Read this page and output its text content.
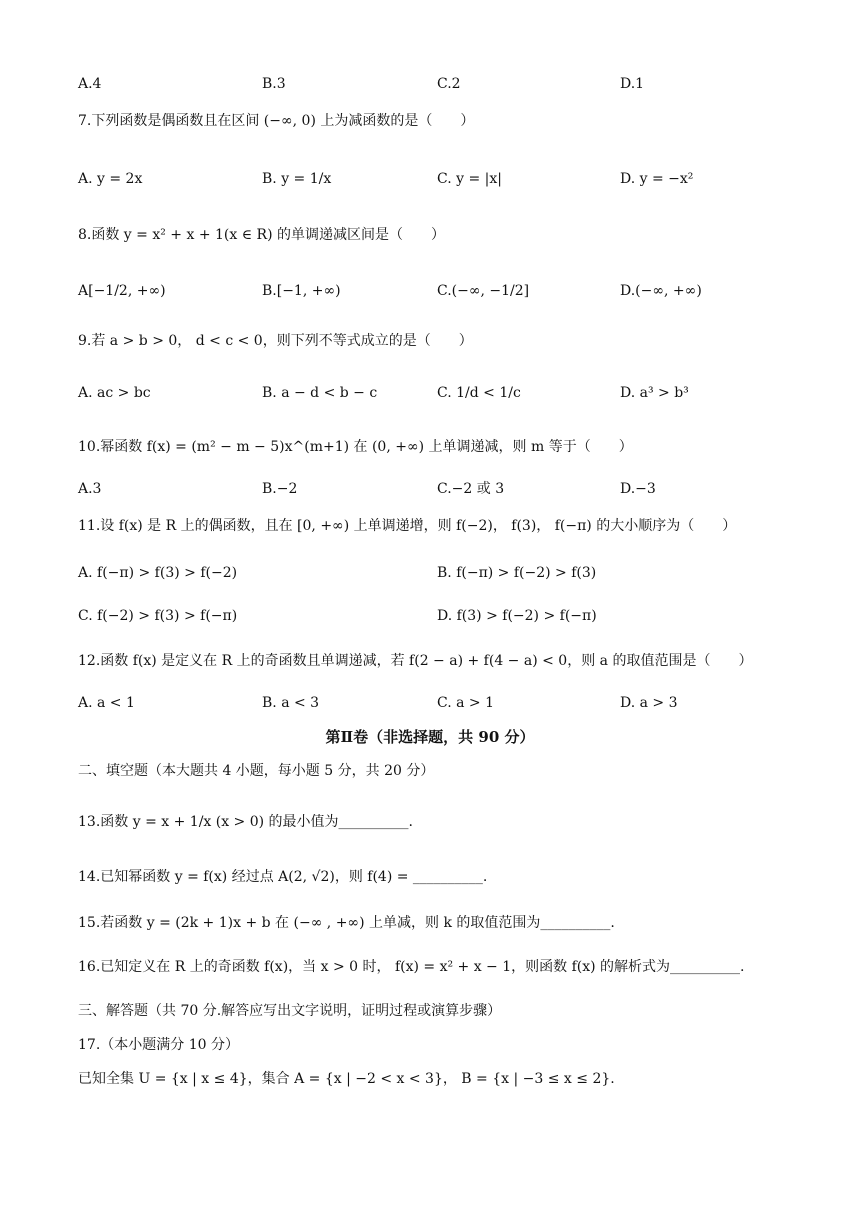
A.4	B.3	C.2	D.1
7.下列函数是偶函数且在区间 (−∞, 0) 上为减函数的是（　　）
A. y = 2x	B. y = 1/x	C. y = |x|	D. y = −x²
8.函数 y = x² + x + 1(x ∈ R) 的单调递减区间是（　　）
A[−1/2, +∞)	B.[−1, +∞)	C.(−∞, −1/2]	D.(−∞, +∞)
9.若 a > b > 0， d < c < 0，则下列不等式成立的是（　　）
A. ac > bc	B. a − d < b − c	C. 1/d < 1/c	D. a³ > b³
10.幂函数 f(x) = (m² − m − 5)x^(m+1) 在 (0, +∞) 上单调递减，则 m 等于（　　）
A.3	B.−2	C.−2 或 3	D.−3
11.设 f(x) 是 R 上的偶函数，且在 [0, +∞) 上单调递增，则 f(−2)， f(3)， f(−π) 的大小顺序为（　　）
A. f(−π) > f(3) > f(−2)	B. f(−π) > f(−2) > f(3)
C. f(−2) > f(3) > f(−π)	D. f(3) > f(−2) > f(−π)
12.函数 f(x) 是定义在 R 上的奇函数且单调递减，若 f(2 − a) + f(4 − a) < 0，则 a 的取值范围是（　　）
A. a < 1	B. a < 3	C. a > 1	D. a > 3
第Ⅱ卷（非选择题，共 90 分）
二、填空题（本大题共 4 小题，每小题 5 分，共 20 分）
13.函数 y = x + 1/x (x > 0) 的最小值为__________.
14.已知幂函数 y = f(x) 经过点 A(2, √2)，则 f(4) = __________.
15.若函数 y = (2k + 1)x + b 在 (−∞ , +∞) 上单减，则 k 的取值范围为__________.
16.已知定义在 R 上的奇函数 f(x)，当 x > 0 时， f(x) = x² + x − 1，则函数 f(x) 的解析式为__________.
三、解答题（共 70 分.解答应写出文字说明，证明过程或演算步骤）
17.（本小题满分 10 分）
已知全集 U = {x | x ≤ 4}，集合 A = {x | −2 < x < 3}， B = {x | −3 ≤ x ≤ 2}.
